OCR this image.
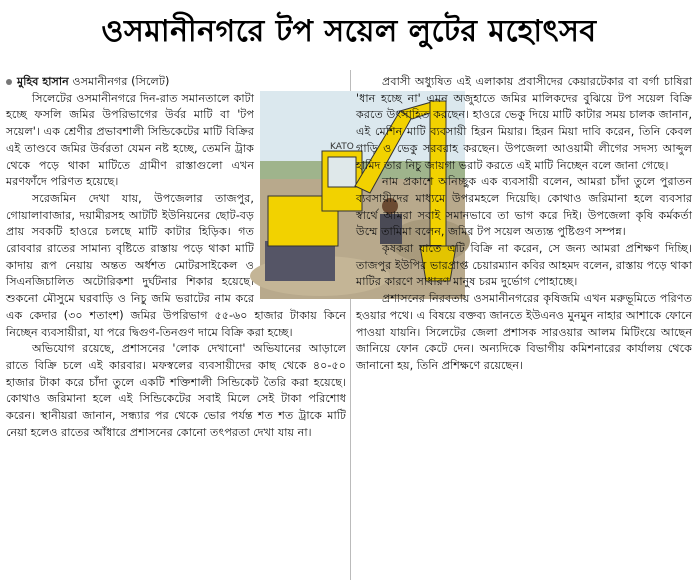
ওসমানীনগরে টপ সয়েল লুটের মহোৎসব

মুহিব হাসান ওসমানীনগর (সিলেট)

KATO

সিলেটের ওসমানীনগরে দিন-রাত সমানতালে কাটা হচ্ছে ফসলি জমির উপরিভাগের উর্বর মাটি বা 'টপ সয়েল'। এক শ্রেণীর প্রভাবশালী সিন্ডিকেটের মাটি বিক্রির এই তাণ্ডবে জমির উর্বরতা যেমন নষ্ট হচ্ছে, তেমনি ট্রাক থেকে পড়ে থাকা মাটিতে গ্রামীণ রাস্তাগুলো এখন মরণফাঁদে পরিণত হয়েছে।

সরেজমিন দেখা যায়, উপজেলার তাজপুর, গোয়ালাবাজার, দয়ামীরসহ আটটি ইউনিয়নের ছোট-বড় প্রায় সবকটি হাওরে চলছে মাটি কাটার হিড়িক। গত রোববার রাতের সামান্য বৃষ্টিতে রাস্তায় পড়ে থাকা মাটি কাদায় রূপ নেয়ায় অন্তত অর্ধশত মোটরসাইকেল ও সিএনজিচালিত অটোরিকশা দুর্ঘটনার শিকার হয়েছে। শুকনো মৌসুমে ঘরবাড়ি ও নিচু জমি ভরাটের নাম করে এক কেদার (৩০ শতাংশ) জমির উপরিভাগ ৫৫-৬০ হাজার টাকায় কিনে নিচ্ছেন ব্যবসায়ীরা, যা পরে দ্বিগুণ-তিনগুণ দামে বিক্রি করা হচ্ছে।

অভিযোগ রয়েছে, প্রশাসনের 'লোক দেখানো' অভিযানের আড়ালে রাতে বিক্রি চলে এই কারবার। মফস্বলের ব্যবসায়ীদের কাছ থেকে ৪০-৫০ হাজার টাকা করে চাঁদা তুলে একটি শক্তিশালী সিন্ডিকেট তৈরি করা হয়েছে। কোথাও জরিমানা হলে এই সিন্ডিকেটের সবাই মিলে সেই টাকা পরিশোধ করেন। স্থানীয়রা জানান, সন্ধ্যার পর থেকে ভোর পর্যন্ত শত শত ট্রাকে মাটি নেয়া হলেও রাতের আঁধারে প্রশাসনের কোনো তৎপরতা দেখা যায় না।

প্রবাসী অধ্যুষিত এই এলাকায় প্রবাসীদের কেয়ারটেকার বা বর্গা চাষিরা 'ধান হচ্ছে না' এমন অজুহাতে জমির মালিকদের বুঝিয়ে টপ সয়েল বিক্রি করতে উৎসাহিত করছেন। হাওরে ভেকু দিয়ে মাটি কাটার সময় চালক জানান, এই মেশিন মাটি ব্যবসায়ী হিরন মিয়ার। হিরন মিয়া দাবি করেন, তিনি কেবল গাড়ি ও ভেকু সরবরাহ করছেন। উপজেলা আওয়ামী লীগের সদস্য আব্দুল হামিদ তার নিচু জায়গা ভরাট করতে এই মাটি নিচ্ছেন বলে জানা গেছে।

নাম প্রকাশে অনিচ্ছুক এক ব্যবসায়ী বলেন, আমরা চাঁদা তুলে পুরাতন ব্যবসায়ীদের মাধ্যমে উপরমহলে দিয়েছি। কোথাও জরিমানা হলে ব্যবসার স্বার্থে আমরা সবাই সমানভাবে তা ভাগ করে দিই। উপজেলা কৃষি কর্মকর্তা উম্মে তামিমা বলেন, জমির টপ সয়েল অত্যন্ত পুষ্টিগুণ সম্পন্ন।

কৃষকরা যাতে এটি বিক্রি না করেন, সে জন্য আমরা প্রশিক্ষণ দিচ্ছি। তাজপুর ইউপির ভারপ্রাপ্ত চেয়ারম্যান কবির আহমদ বলেন, রাস্তায় পড়ে থাকা মাটির কারণে সাধারণ মানুষ চরম দুর্ভোগ পোহাচ্ছে।

প্রশাসনের নিরবতায় ওসমানীনগরের কৃষিজমি এখন মরুভূমিতে পরিণত হওয়ার পথে। এ বিষয়ে বক্তব্য জানতে ইউএনও মুনমুন নাহার আশাকে ফোনে পাওয়া যায়নি। সিলেটের জেলা প্রশাসক সারওয়ার আলম মিটিংয়ে আছেন জানিয়ে ফোন কেটে দেন। অন্যদিকে বিভাগীয় কমিশনারের কার্যালয় থেকে জানানো হয়, তিনি প্রশিক্ষণে রয়েছেন।
